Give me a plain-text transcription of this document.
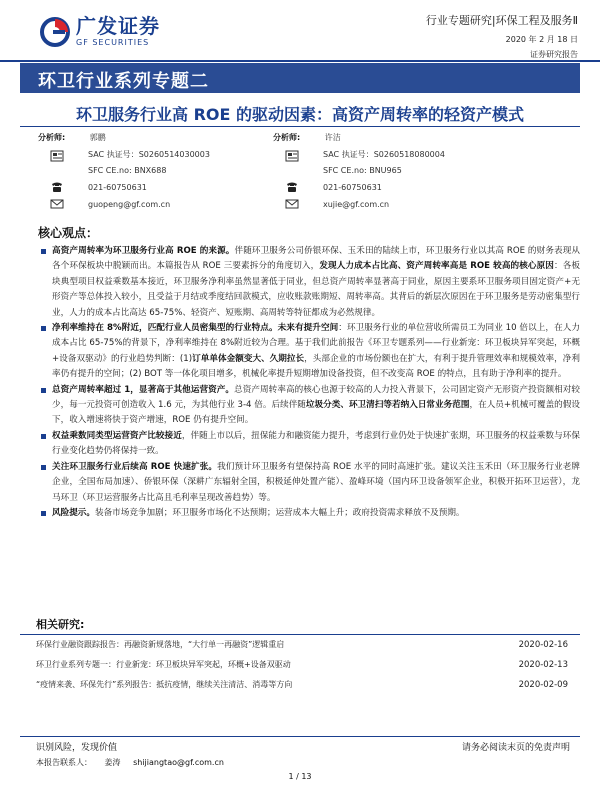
广发证券
GF SECURITIES
行业专题研究|环保工程及服务Ⅱ
2020 年 2 月 18 日
证券研究报告
环卫行业系列专题二
环卫服务行业高 ROE 的驱动因素：高资产周转率的轻资产模式
分析师:	郭鹏	分析师:	许洁
SAC 执证号：S0260514030003	SAC 执证号：S0260518080004
SFC CE.no: BNX688	SFC CE.no: BNU965
021-60750631	021-60750631
guopeng@gf.com.cn	xujie@gf.com.cn
核心观点：
高资产周转率为环卫服务行业高 ROE 的来源。伴随环卫服务公司侨银环保、玉禾田的陆续上市，环卫服务行业以其高 ROE 的财务表现从各个环保板块中脱颖而出。本篇报告从 ROE 三要素拆分的角度切入，发现人力成本占比高、资产周转率高是 ROE 较高的核心原因：各板块典型项目权益乘数基本接近，环卫服务净利率虽然显著低于同业，但总资产周转率显著高于同业，原因主要系环卫服务项目固定资产+无形资产等总体投入较小，且受益于月结或季度结回款模式，应收账款账期短、周转率高。其背后的新层次原因在于环卫服务是劳动密集型行业，人力的成本占比高达 65-75%、轻资产、短账期、高周转等特征都成为必然规律。
净利率维持在 8%附近，匹配行业人员密集型的行业特点。未来有提升空间：环卫服务行业的单位营收所需员工为同业 10 倍以上，在人力成本占比 65-75%的背景下，净利率维持在 8%附近较为合理。基于我们此前报告《环卫专题系列——行业新宠：环卫板块异军突起，环概+设备双驱动》的行业趋势判断：(1)订单单体金额变大、久期拉长，头部企业的市场份额也在扩大，有利于提升管理效率和规模效率，净利率仍有提升的空间；(2) BOT 等一体化项目增多，机械化率提升短期增加设备投资，但不改变高 ROE 的特点，且有助于净利率的提升。
总资产周转率超过 1，显著高于其他运营资产。总资产周转率高的核心也源于较高的人力投入背景下，公司固定资产无形资产投资额相对较少，每一元投资可创造收入 1.6 元，为其他行业 3-4 倍。后续伴随垃圾分类、环卫清扫等若纳入日常业务范围，在人员+机械可覆盖的假设下，收入增速将快于资产增速，ROE 仍有提升空间。
权益乘数同类型运营资产比较接近，伴随上市以后，扭保能力和融资能力提升，考虑到行业仍处于快速扩张期，环卫服务的权益乘数与环保行业变化趋势仍将保持一致。
关注环卫服务行业后续高 ROE 快速扩张。我们预计环卫服务有望保持高 ROE 水平的同时高速扩张。建议关注玉禾田（环卫服务行业老牌企业，全国布局加速）、侨银环保（深耕广东辐射全国，积极延伸处置产能）、盈峰环境（国内环卫设备领军企业，积极开拓环卫运营），龙马环卫（环卫运营服务占比高且毛利率呈现改善趋势）等。
风险提示。装备市场竞争加剧；环卫服务市场化不达预期；运营成本大幅上升；政府投资需求释放不及预期。
相关研究:
环保行业融资跟踪报告：再融资新规落地，“大行单一再融资”逻辑重启	2020-02-16
环卫行业系列专题一：行业新宠：环卫板块异军突起，环概+设备双驱动	2020-02-13
“疫情来袭、环保先行”系列报告：抵抗疫情，继续关注清洁、消毒等方向	2020-02-09
识别风险，发现价值	请务必阅读末页的免责声明
本报告联系人： 姜涛 shijiangtao@gf.com.cn
1 / 13
